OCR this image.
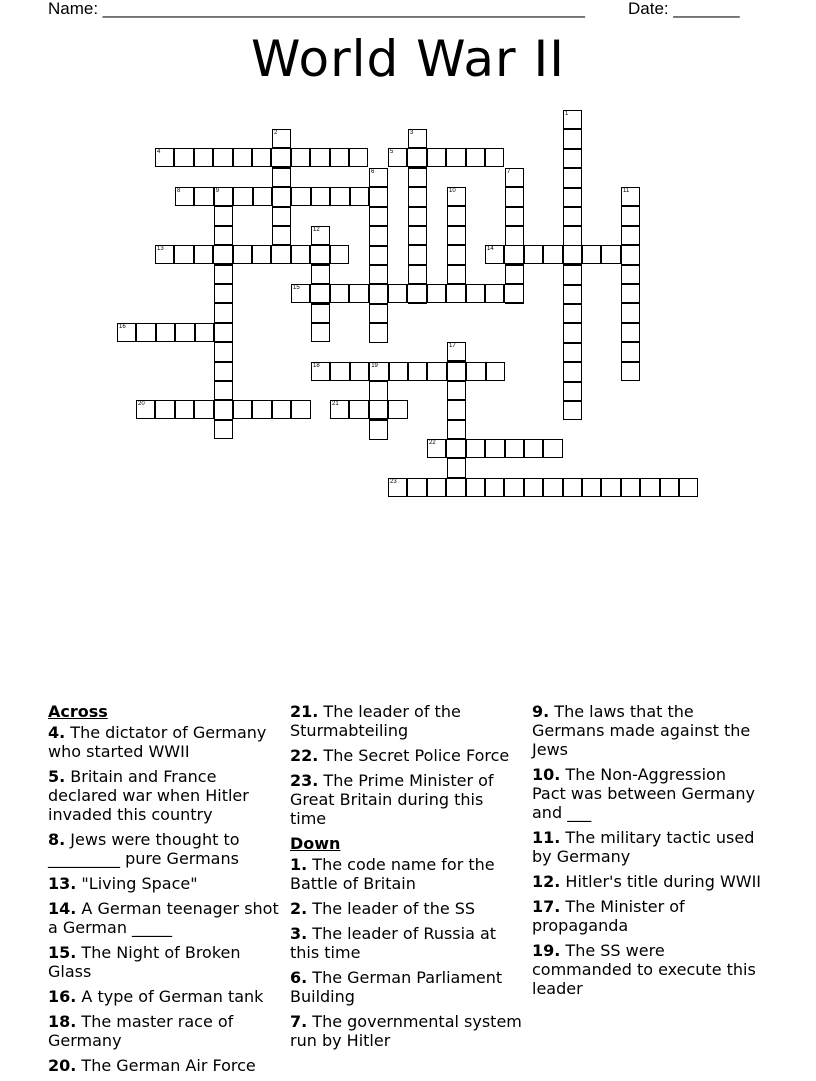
Name: ___________________________________________________	Date: _______
World War II
1
2	3
4	5
6	7
8	9	10	11
12
13	14
15
16
17
18	19
20	21
22
23
Across
4. The dictator of Germany who started WWII
5. Britain and France declared war when Hitler invaded this country
8. Jews were thought to _________ pure Germans
13. "Living Space"
14. A German teenager shot a German _____
15. The Night of Broken Glass
16. A type of German tank
18. The master race of Germany
20. The German Air Force
21. The leader of the Sturmabteiling
22. The Secret Police Force
23. The Prime Minister of Great Britain during this time
Down
1. The code name for the Battle of Britain
2. The leader of the SS
3. The leader of Russia at this time
6. The German Parliament Building
7. The governmental system run by Hitler
9. The laws that the Germans made against the Jews
10. The Non-Aggression Pact was between Germany and ___
11. The military tactic used by Germany
12. Hitler's title during WWII
17. The Minister of propaganda
19. The SS were commanded to execute this leader
